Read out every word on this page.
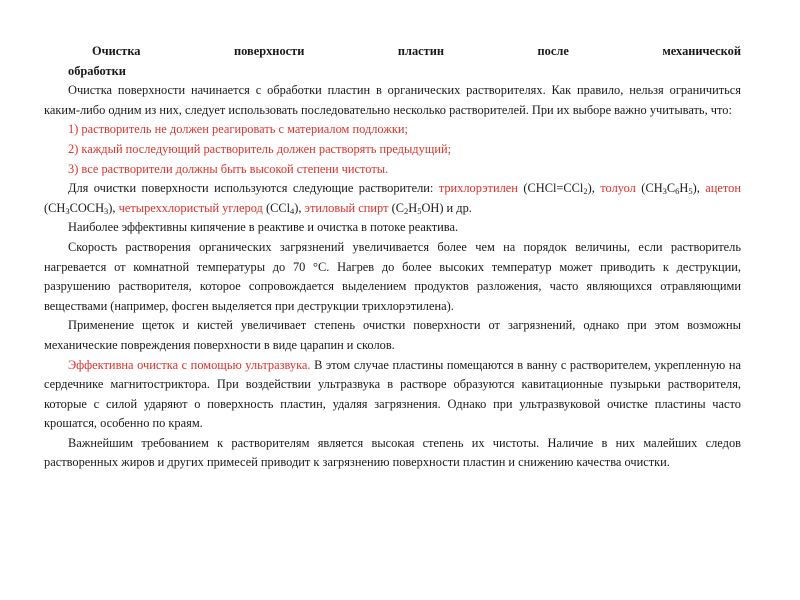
Очистка поверхности пластин после механической

обработки

Очистка поверхности начинается с обработки пластин в органических растворителях. Как правило, нельзя ограничиться каким-либо одним из них, следует использовать последовательно несколько растворителей. При их выборе важно учитывать, что:

1) растворитель не должен реагировать с материалом подложки;

2) каждый последующий растворитель должен растворять предыдущий;

3) все растворители должны быть высокой степени чистоты.

Для очистки поверхности используются следующие растворители: трихлорэтилен (CHCl=CCl$_2$), толуол $(CH_3C_6H_5)$, ацетон $(CH_3COCH_3)$, четыреххлористый углерод (CCl$_4$), этиловый спирт $(C_2H_5OH)$ и др.

Наиболее эффективны кипячение в реактиве и очистка в потоке реактива.

Скорость растворения органических загрязнений увеличивается более чем на порядок величины, если растворитель нагревается от комнатной температуры до 70 °С. Нагрев до более высоких температур может приводить к деструкции, разрушению растворителя, которое сопровождается выделением продуктов разложения, часто являющихся отравляющими веществами (например, фосген выделяется при деструкции трихлорэтилена).

Применение щеток и кистей увеличивает степень очистки поверхности от загрязнений, однако при этом возможны механические повреждения поверхности в виде царапин и сколов.

Эффективна очистка с помощью ультразвука. В этом случае пластины помещаются в ванну с растворителем, укрепленную на сердечнике магнитострикторa. При воздействии ультразвука в растворе образуются кавитационные пузырьки растворителя, которые с силой ударяют о поверхность пластин, удаляя загрязнения. Однако при ультразвуковой очистке пластины часто крошатся, особенно по краям.

Важнейшим требованием к растворителям является высокая степень их чистоты. Наличие в них малейших следов растворенных жиров и других примесей приводит к загрязнению поверхности пластин и снижению качества очистки.
